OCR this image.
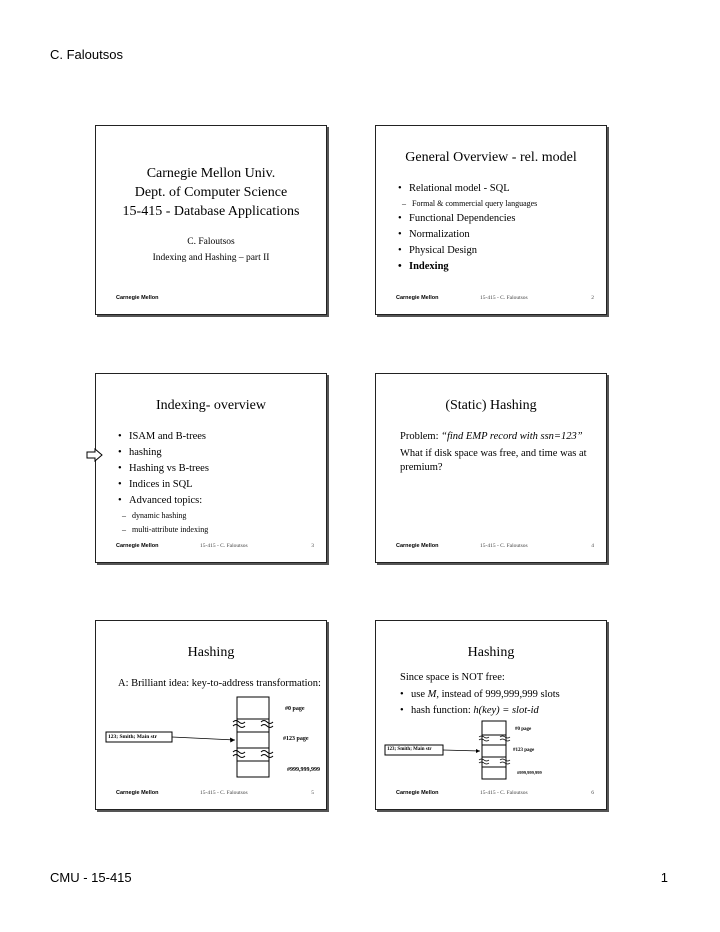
C. Faloutsos
Carnegie Mellon Univ.
Dept. of Computer Science
15-415 - Database Applications
C. Faloutsos
Indexing and Hashing – part II
Carnegie Mellon
General Overview - rel. model
• Relational model - SQL
– Formal & commercial query languages
• Functional Dependencies
• Normalization
• Physical Design
• Indexing
Carnegie Mellon	15-415 - C. Faloutsos	2
Indexing- overview
• ISAM and B-trees
• hashing
• Hashing vs B-trees
• Indices in SQL
• Advanced topics:
– dynamic hashing
– multi-attribute indexing
Carnegie Mellon	15-415 - C. Faloutsos	3
(Static) Hashing
Problem: “find EMP record with ssn=123”
What if disk space was free, and time was at premium?
Carnegie Mellon	15-415 - C. Faloutsos	4
Hashing
A: Brilliant idea: key-to-address transformation:
#0 page
123; Smith; Main str	#123 page
#999,999,999
Carnegie Mellon	15-415 - C. Faloutsos	5
Hashing
Since space is NOT free:
• use M, instead of 999,999,999 slots
• hash function: h(key) = slot-id
#0 page
123; Smith; Main str	#123 page
#999,999,999
Carnegie Mellon	15-415 - C. Faloutsos	6
CMU - 15-415	1
